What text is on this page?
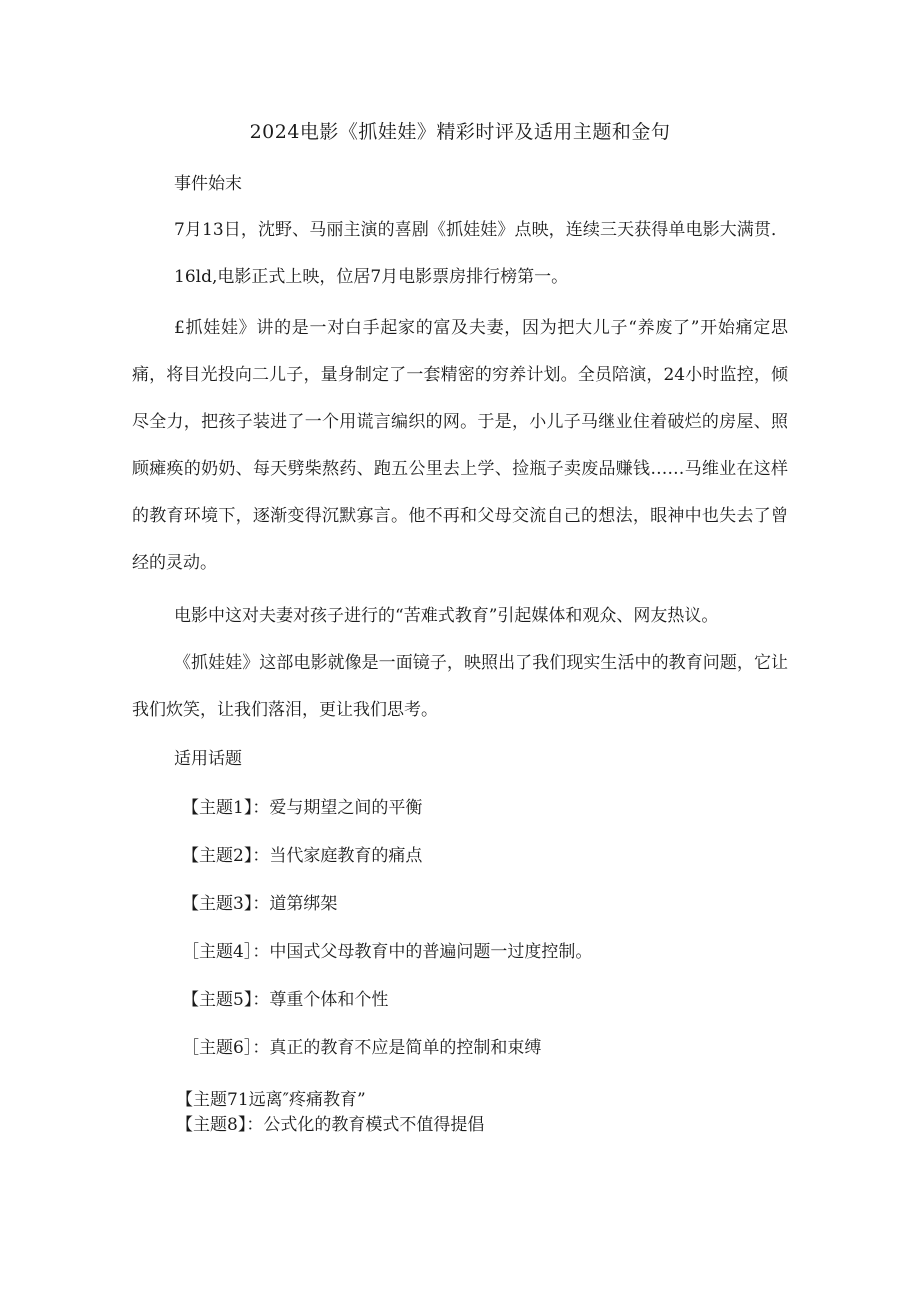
2024电影《抓娃娃》精彩时评及适用主题和金句
事件始末

7月13日，沈野、马丽主演的喜剧《抓娃娃》点映，连续三天获得单电影大满贯．16ld,电影正式上映，位居7月电影票房排行榜第一。

£抓娃娃》讲的是一对白手起家的富及夫妻，因为把大儿子“养废了”开始痛定思痛，将目光投向二儿子，量身制定了一套精密的穷养计划。全员陪演，24小时监控，倾尽全力，把孩子装进了一个用谎言编织的网。于是，小儿子马继业住着破烂的房屋、照顾瘫痪的奶奶、每天劈柴熬药、跑五公里去上学、捡瓶子卖废品赚钱……马维业在这样的教育环境下，逐渐变得沉默寡言。他不再和父母交流自己的想法，眼神中也失去了曾经的灵动。

电影中这对夫妻对孩子进行的“苦难式教育”引起媒体和观众、网友热议。

《抓娃娃》这部电影就像是一面镜子，映照出了我们现实生活中的教育问题，它让我们炊笑，让我们落泪，更让我们思考。

适用话题
【主题1】：爱与期望之间的平衡
【主题2】：当代家庭教育的痛点
【主题3】：道第绑架
［主题4］：中国式父母教育中的普遍问题一过度控制。
【主题5】：尊重个体和个性
［主题6］：真正的教育不应是简单的控制和束缚
【主题71远离″疼痛教育”
【主题8】：公式化的教育模式不值得提倡
